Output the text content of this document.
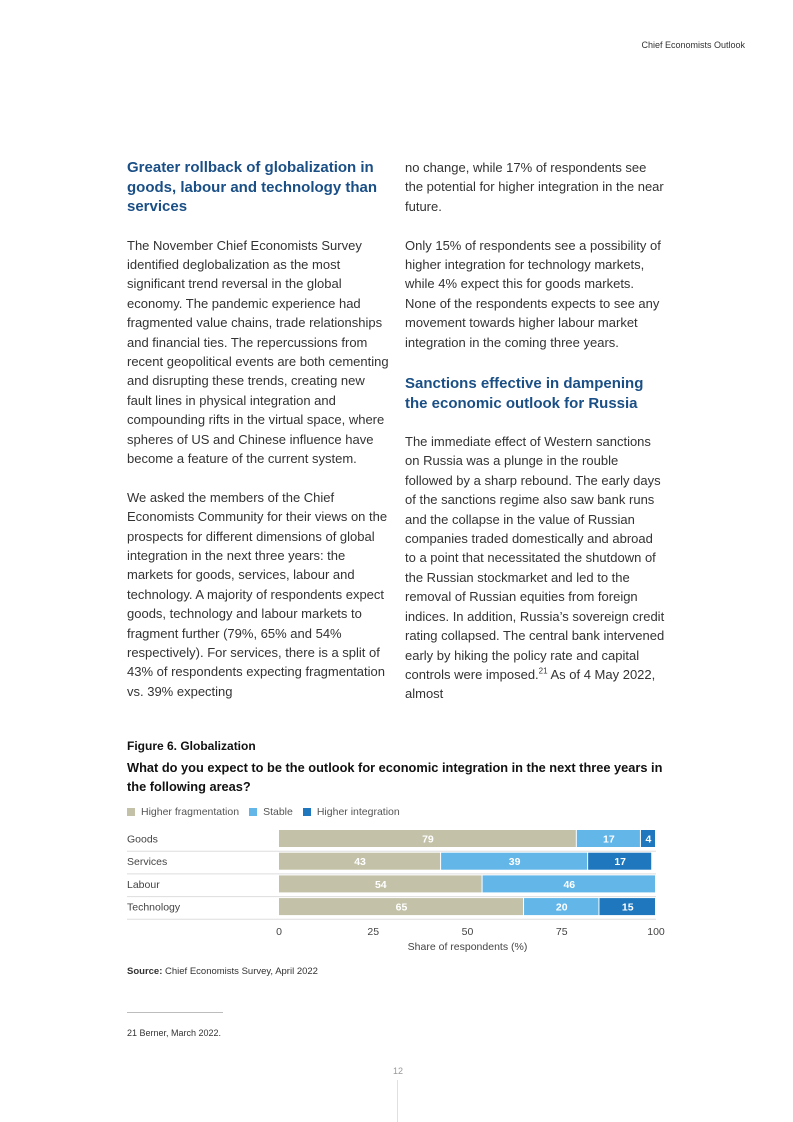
Chief Economists Outlook
Greater rollback of globalization in goods, labour and technology than services

The November Chief Economists Survey identified deglobalization as the most significant trend reversal in the global economy. The pandemic experience had fragmented value chains, trade relationships and financial ties. The repercussions from recent geopolitical events are both cementing and disrupting these trends, creating new fault lines in physical integration and compounding rifts in the virtual space, where spheres of US and Chinese influence have become a feature of the current system.

We asked the members of the Chief Economists Community for their views on the prospects for different dimensions of global integration in the next three years: the markets for goods, services, labour and technology. A majority of respondents expect goods, technology and labour markets to fragment further (79%, 65% and 54% respectively). For services, there is a split of 43% of respondents expecting fragmentation vs. 39% expecting

no change, while 17% of respondents see the potential for higher integration in the near future.

Only 15% of respondents see a possibility of higher integration for technology markets, while 4% expect this for goods markets. None of the respondents expects to see any movement towards higher labour market integration in the coming three years.

Sanctions effective in dampening the economic outlook for Russia

The immediate effect of Western sanctions on Russia was a plunge in the rouble followed by a sharp rebound. The early days of the sanctions regime also saw bank runs and the collapse in the value of Russian companies traded domestically and abroad to a point that necessitated the shutdown of the Russian stockmarket and led to the removal of Russian equities from foreign indices. In addition, Russia’s sovereign credit rating collapsed. The central bank intervened early by hiking the policy rate and capital controls were imposed.$^{21}$ As of 4 May 2022, almost

Figure 6. Globalization
What do you expect to be the outlook for economic integration in the next three years in the following areas?
Higher fragmentation Stable Higher integration
Goods	79	17	4
Services	43	39	17
Labour	54	46
Technology	65	20	15
0	25	50	75	100
Share of respondents (%)
Source: Chief Economists Survey, April 2022
21 Berner, March 2022.
12
